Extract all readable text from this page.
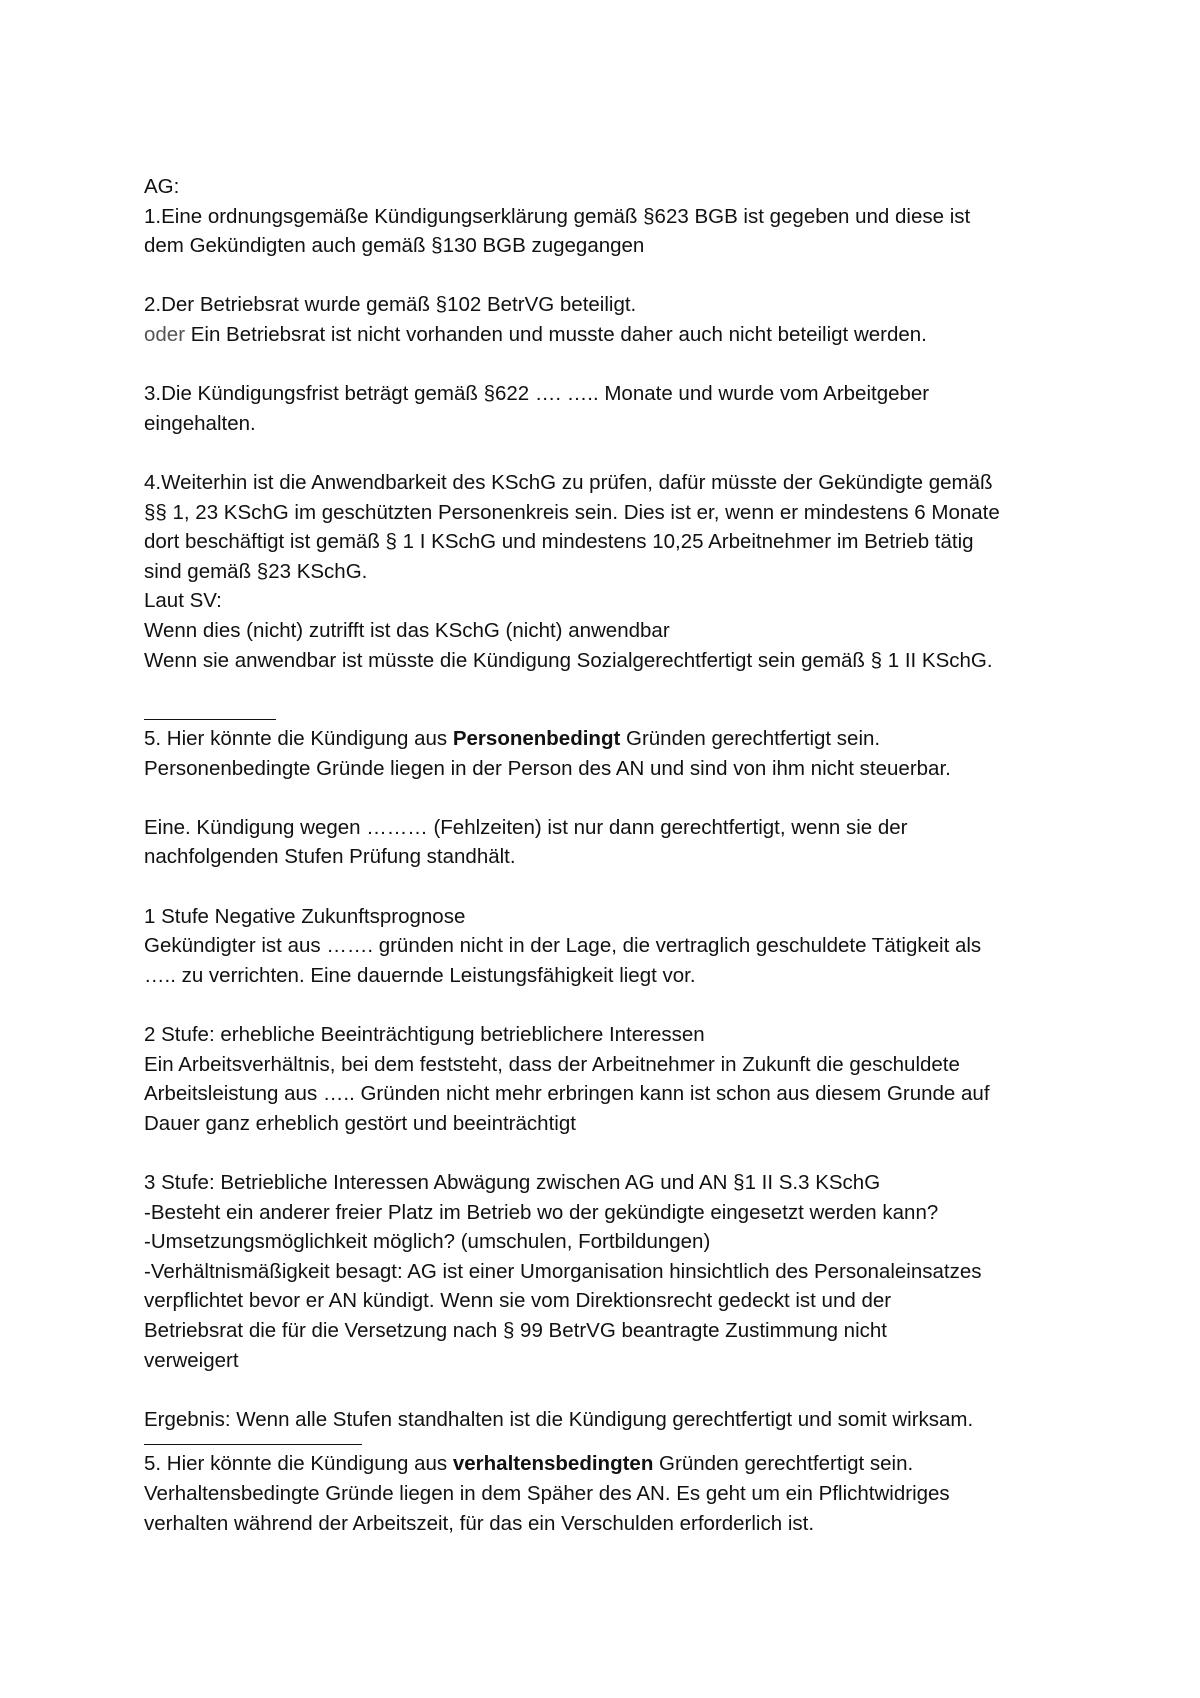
AG:
1.Eine ordnungsgemäße Kündigungserklärung gemäß §623 BGB ist gegeben und diese ist
dem Gekündigten auch gemäß §130 BGB zugegangen
2.Der Betriebsrat wurde gemäß §102 BetrVG beteiligt.
oder Ein Betriebsrat ist nicht vorhanden und musste daher auch nicht beteiligt werden.
3.Die Kündigungsfrist beträgt gemäß §622 …. ….. Monate und wurde vom Arbeitgeber
eingehalten.
4.Weiterhin ist die Anwendbarkeit des KSchG zu prüfen, dafür müsste der Gekündigte gemäß
§§ 1, 23 KSchG im geschützten Personenkreis sein. Dies ist er, wenn er mindestens 6 Monate
dort beschäftigt ist gemäß § 1 I KSchG und mindestens 10,25 Arbeitnehmer im Betrieb tätig
sind gemäß §23 KSchG.
Laut SV:
Wenn dies (nicht) zutrifft ist das KSchG (nicht) anwendbar
Wenn sie anwendbar ist müsste die Kündigung Sozialgerechtfertigt sein gemäß § 1 II KSchG.
5. Hier könnte die Kündigung aus Personenbedingt Gründen gerechtfertigt sein.
Personenbedingte Gründe liegen in der Person des AN und sind von ihm nicht steuerbar.
Eine. Kündigung wegen ……… (Fehlzeiten) ist nur dann gerechtfertigt, wenn sie der
nachfolgenden Stufen Prüfung standhält.
1 Stufe Negative Zukunftsprognose
Gekündigter ist aus ……. gründen nicht in der Lage, die vertraglich geschuldete Tätigkeit als
….. zu verrichten. Eine dauernde Leistungsfähigkeit liegt vor.
2 Stufe: erhebliche Beeinträchtigung betrieblichere Interessen
Ein Arbeitsverhältnis, bei dem feststeht, dass der Arbeitnehmer in Zukunft die geschuldete
Arbeitsleistung aus ….. Gründen nicht mehr erbringen kann ist schon aus diesem Grunde auf
Dauer ganz erheblich gestört und beeinträchtigt
3 Stufe: Betriebliche Interessen Abwägung zwischen AG und AN §1 II S.3 KSchG
-Besteht ein anderer freier Platz im Betrieb wo der gekündigte eingesetzt werden kann?
-Umsetzungsmöglichkeit möglich? (umschulen, Fortbildungen)
-Verhältnismäßigkeit besagt: AG ist einer Umorganisation hinsichtlich des Personaleinsatzes
verpflichtet bevor er AN kündigt. Wenn sie vom Direktionsrecht gedeckt ist und der
Betriebsrat die für die Versetzung nach § 99 BetrVG beantragte Zustimmung nicht
verweigert
Ergebnis: Wenn alle Stufen standhalten ist die Kündigung gerechtfertigt und somit wirksam.
5. Hier könnte die Kündigung aus verhaltensbedingten Gründen gerechtfertigt sein.
Verhaltensbedingte Gründe liegen in dem Späher des AN. Es geht um ein Pflichtwidriges
verhalten während der Arbeitszeit, für das ein Verschulden erforderlich ist.
